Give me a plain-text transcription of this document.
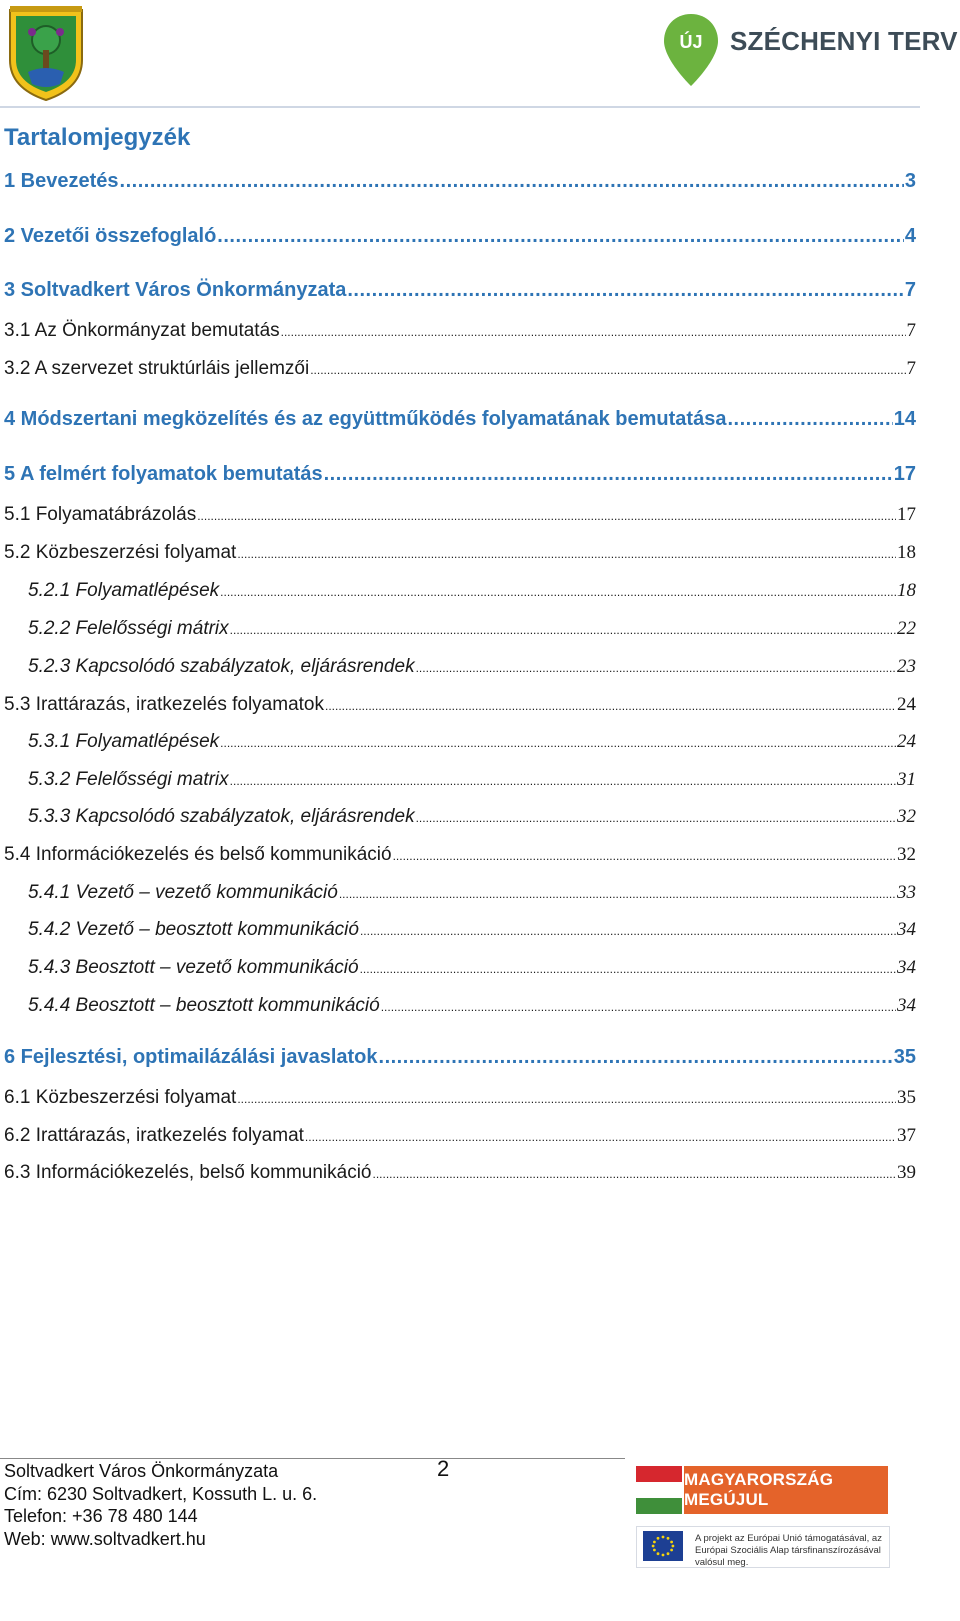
ÚJ SZÉCHENYI TERV
Tartalomjegyzék
1 Bevezetés .....	3
2 Vezetői összefoglaló .....	4
3 Soltvadkert Város Önkormányzata .....	7
3.1 Az Önkormányzat bemutatás .....	7
3.2 A szervezet struktúrláis jellemzői .....	7
4 Módszertani megközelítés és az együttműködés folyamatának bemutatása .....	14
5 A felmért folyamatok bemutatás .....	17
5.1 Folyamatábrázolás .....	17
5.2 Közbeszerzési folyamat .....	18
5.2.1 Folyamatlépések .....	18
5.2.2 Felelősségi mátrix .....	22
5.2.3 Kapcsolódó szabályzatok, eljárásrendek .....	23
5.3 Irattárazás, iratkezelés folyamatok .....	24
5.3.1 Folyamatlépések .....	24
5.3.2 Felelősségi matrix .....	31
5.3.3 Kapcsolódó szabályzatok, eljárásrendek .....	32
5.4 Információkezelés és belső kommunikáció .....	32
5.4.1 Vezető – vezető kommunikáció .....	33
5.4.2 Vezető – beosztott kommunikáció .....	34
5.4.3 Beosztott – vezető kommunikáció .....	34
5.4.4 Beosztott – beosztott kommunikáció .....	34
6 Fejlesztési, optimailázálási javaslatok .....	35
6.1 Közbeszerzési folyamat .....	35
6.2 Irattárazás, iratkezelés folyamat .....	37
6.3 Információkezelés, belső kommunikáció .....	39
Soltvadkert Város Önkormányzata
Cím: 6230 Soltvadkert, Kossuth L. u. 6.
Telefon: +36 78 480 144
Web: www.soltvadkert.hu
2	MAGYARORSZÁG MEGÚJUL
A projekt az Európai Unió támogatásával, az Európai Szociális Alap társfinanszírozásával valósul meg.
